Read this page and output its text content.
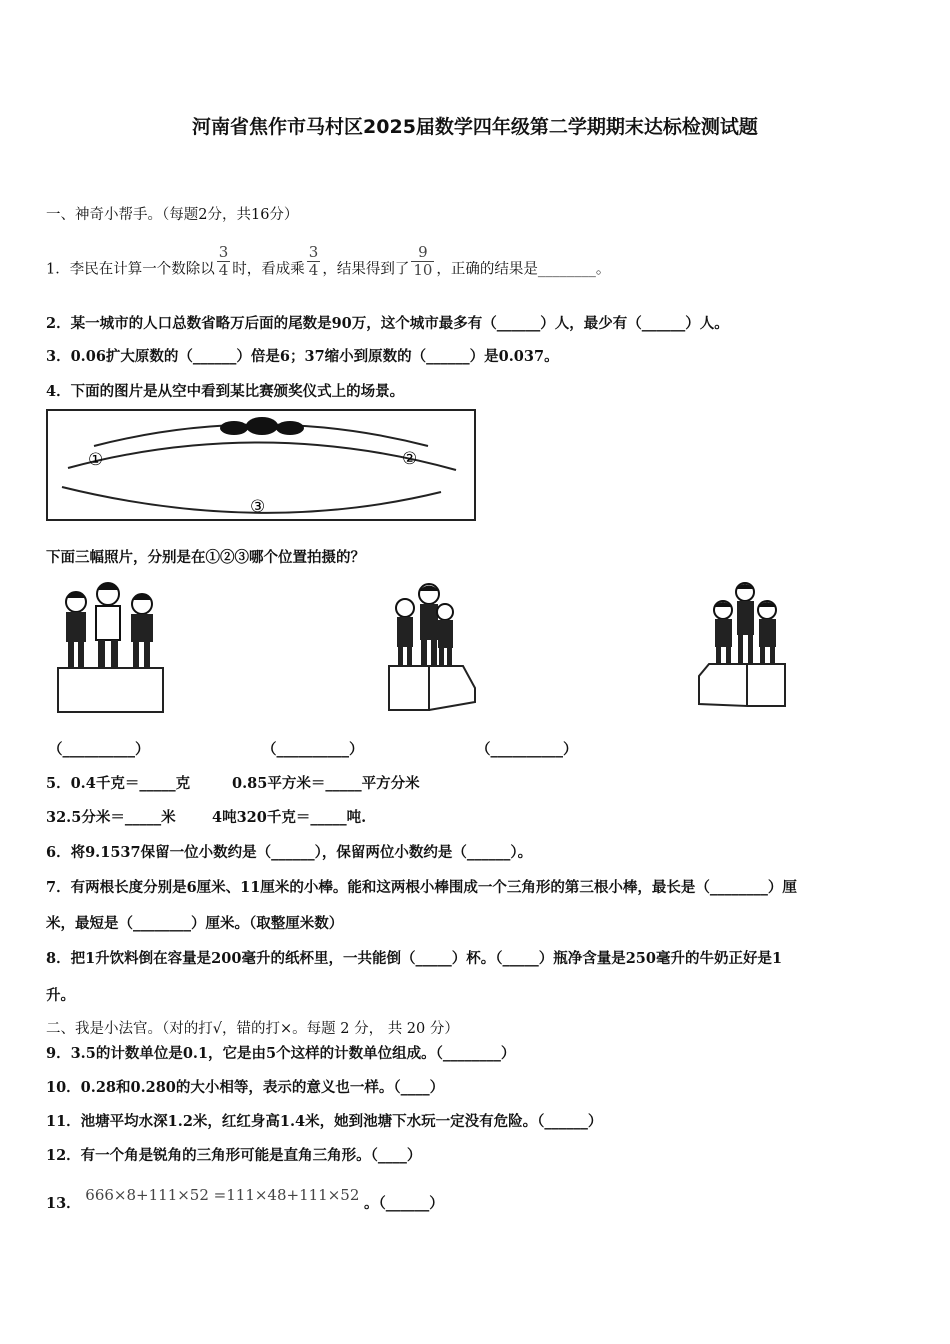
河南省焦作市马村区2025届数学四年级第二学期期末达标检测试题
一、神奇小帮手。（每题2分，共16分）
1．李民在计算一个数除以 $\frac{3}{4}$ 时，看成乘 $\frac{3}{4}$ ，结果得到了 $\frac{9}{10}$ ，正确的结果是________。
2．某一城市的人口总数省略万后面的尾数是90万，这个城市最多有（______）人，最少有（______）人。
3．0.06扩大原数的（______）倍是6；37缩小到原数的（______）是0.037。
4．下面的图片是从空中看到某比赛颁奖仪式上的场景。
①	②
③
下面三幅照片，分别是在①②③哪个位置拍摄的？
（__________）	（__________）	（__________）
5．0.4千克＝_____克	0.85平方米＝_____平方分米
32.5分米＝_____米	4吨320千克＝_____吨.
6．将9.1537保留一位小数约是（______），保留两位小数约是（______）。
7．有两根长度分别是6厘米、11厘米的小棒。能和这两根小棒围成一个三角形的第三根小棒，最长是（________）厘
米，最短是（________）厘米。（取整厘米数）
8．把1升饮料倒在容量是200毫升的纸杯里，一共能倒（_____）杯。（_____）瓶净含量是250毫升的牛奶正好是1
升。
二、我是小法官。（对的打√，错的打×。每题 2 分， 共 20 分）
9．3.5的计数单位是0.1，它是由5个这样的计数单位组成。（________）
10．0.28和0.280的大小相等，表示的意义也一样。（____）
11．池塘平均水深1.2米，红红身高1.4米，她到池塘下水玩一定没有危险。（______）
12．有一个角是锐角的三角形可能是直角三角形。（____）
13． 666×8+111×52 =111×48+111×52 。（______）
